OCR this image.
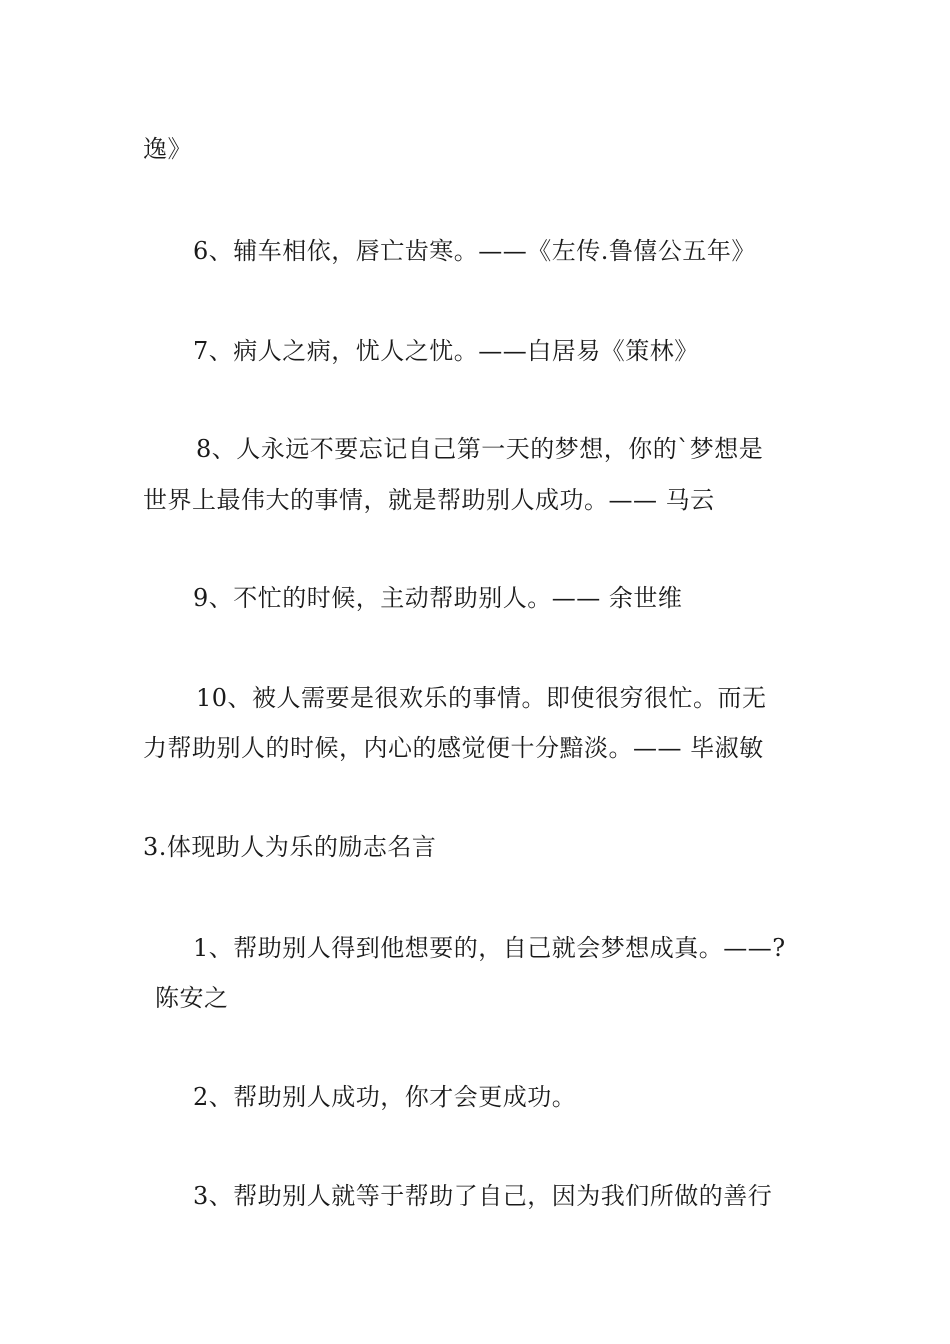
逸》
6、辅车相依，唇亡齿寒。——《左传.鲁僖公五年》
7、病人之病，忧人之忧。——白居易《策林》
8、人永远不要忘记自己第一天的梦想，你的`梦想是
世界上最伟大的事情，就是帮助别人成功。—— 马云
9、不忙的时候，主动帮助别人。—— 余世维
10、被人需要是很欢乐的事情。即使很穷很忙。而无
力帮助别人的时候，内心的感觉便十分黯淡。—— 毕淑敏
3.体现助人为乐的励志名言
1、帮助别人得到他想要的，自己就会梦想成真。——?
陈安之
2、帮助别人成功，你才会更成功。
3、帮助别人就等于帮助了自己，因为我们所做的善行
